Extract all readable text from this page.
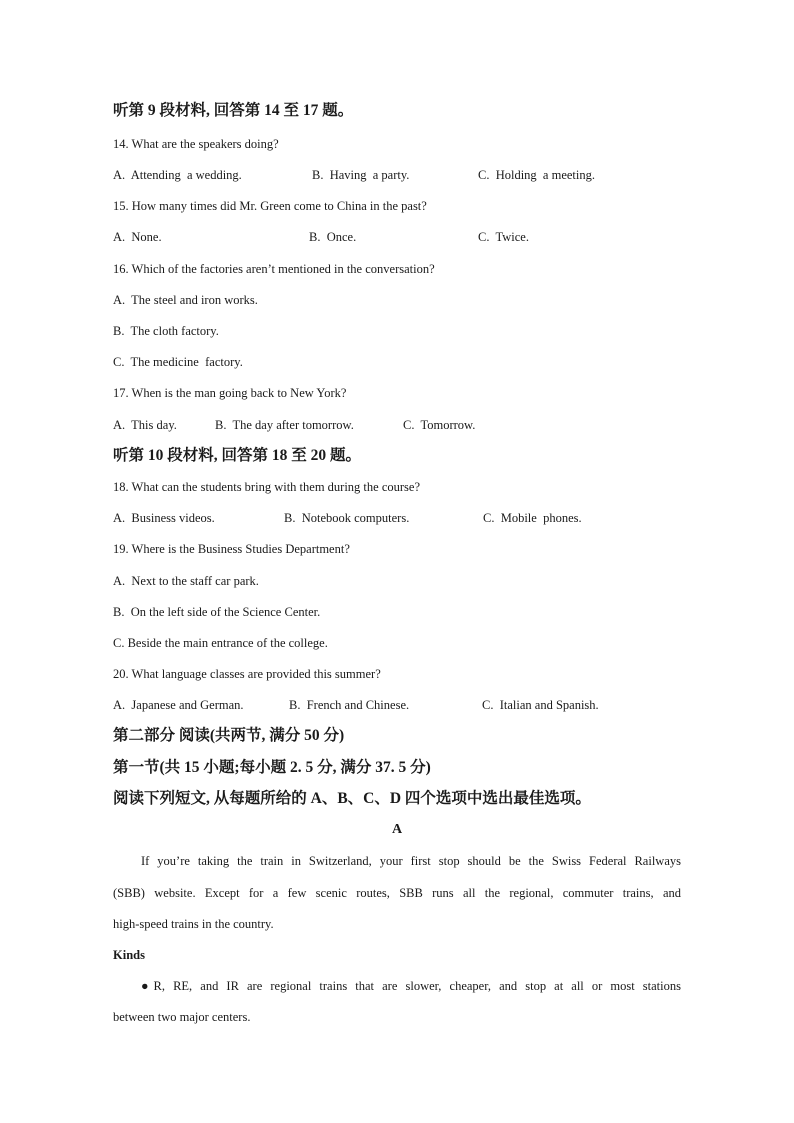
听第 9 段材料, 回答第 14 至 17 题。
14. What are the speakers doing?
A.  Attending  a wedding.	B.  Having  a party.	C.  Holding  a meeting.
15. How many times did Mr. Green come to China in the past?
A.  None.	B.  Once.	C.  Twice.
16. Which of the factories aren’t mentioned in the conversation?
A.  The steel and iron works.
B.  The cloth factory.
C.  The medicine  factory.
17. When is the man going back to New York?
A.  This day.	B.  The day after tomorrow.	C.  Tomorrow.
听第 10 段材料, 回答第 18 至 20 题。
18. What can the students bring with them during the course?
A.  Business videos.	B.  Notebook computers.	C.  Mobile  phones.
19. Where is the Business Studies Department?
A.  Next to the staff car park.
B.  On the left side of the Science Center.
C. Beside the main entrance of the college.
20. What language classes are provided this summer?
A.  Japanese and German.	B.  French and Chinese.	C.  Italian and Spanish.
第二部分 阅读(共两节, 满分 50 分)
第一节(共 15 小题;每小题 2. 5 分, 满分 37. 5 分)
阅读下列短文, 从每题所给的 A、B、C、D 四个选项中选出最佳选项。
A
If you’re taking the train in Switzerland, your first stop should be the Swiss Federal Railways
(SBB) website. Except for a few scenic routes, SBB runs all the regional, commuter trains, and
high-speed trains in the country.
Kinds
●R, RE, and IR are regional trains that are slower, cheaper, and stop at all or most stations
between two major centers.
